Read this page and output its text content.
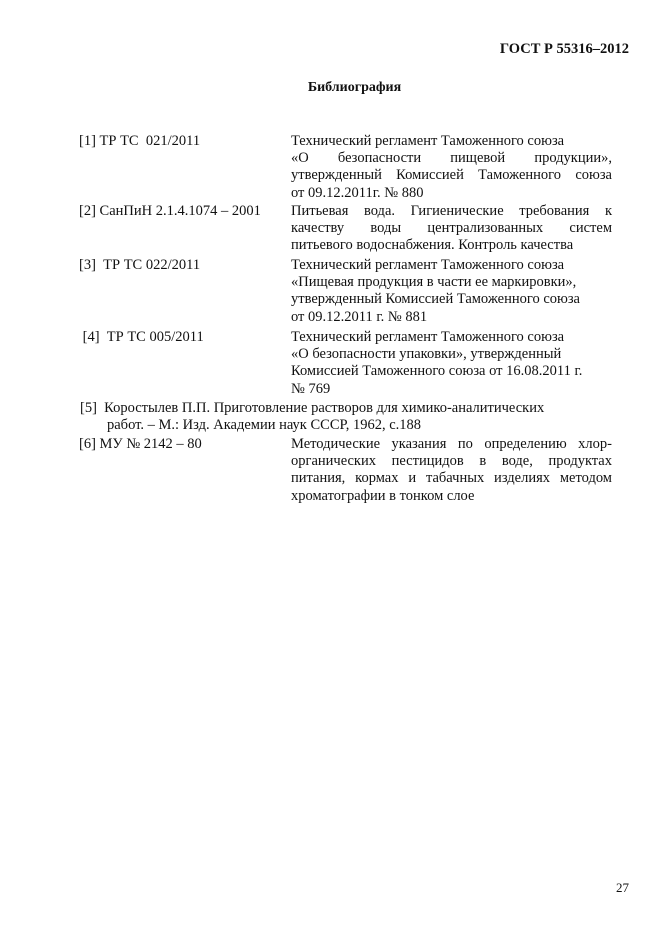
ГОСТ Р 55316–2012
Библиография
[1] ТР ТС  021/2011	Технический регламент Таможенного союза
«О безопасности пищевой продукции»,
утвержденный Комиссией Таможенного союза
от 09.12.2011г. № 880
[2] СанПиН 2.1.4.1074 – 2001 Питьевая вода. Гигиенические требования к
качеству воды централизованных систем
питьевого водоснабжения. Контроль качества
[3]  ТР ТС 022/2011	Технический регламент Таможенного союза
«Пищевая продукция в части ее маркировки»,
утвержденный Комиссией Таможенного союза
от 09.12.2011 г. № 881
[4]  ТР ТС 005/2011	Технический регламент Таможенного союза
«О безопасности упаковки», утвержденный
Комиссией Таможенного союза от 16.08.2011 г.
№ 769
[5]  Коростылев П.П. Приготовление растворов для химико-аналитических
работ. – М.: Изд. Академии наук СССР, 1962, с.188
[6] МУ № 2142 – 80	Методические указания по определению хлор-
органических пестицидов в воде, продуктах
питания, кормах и табачных изделиях методом
хроматографии в тонком слое
27
